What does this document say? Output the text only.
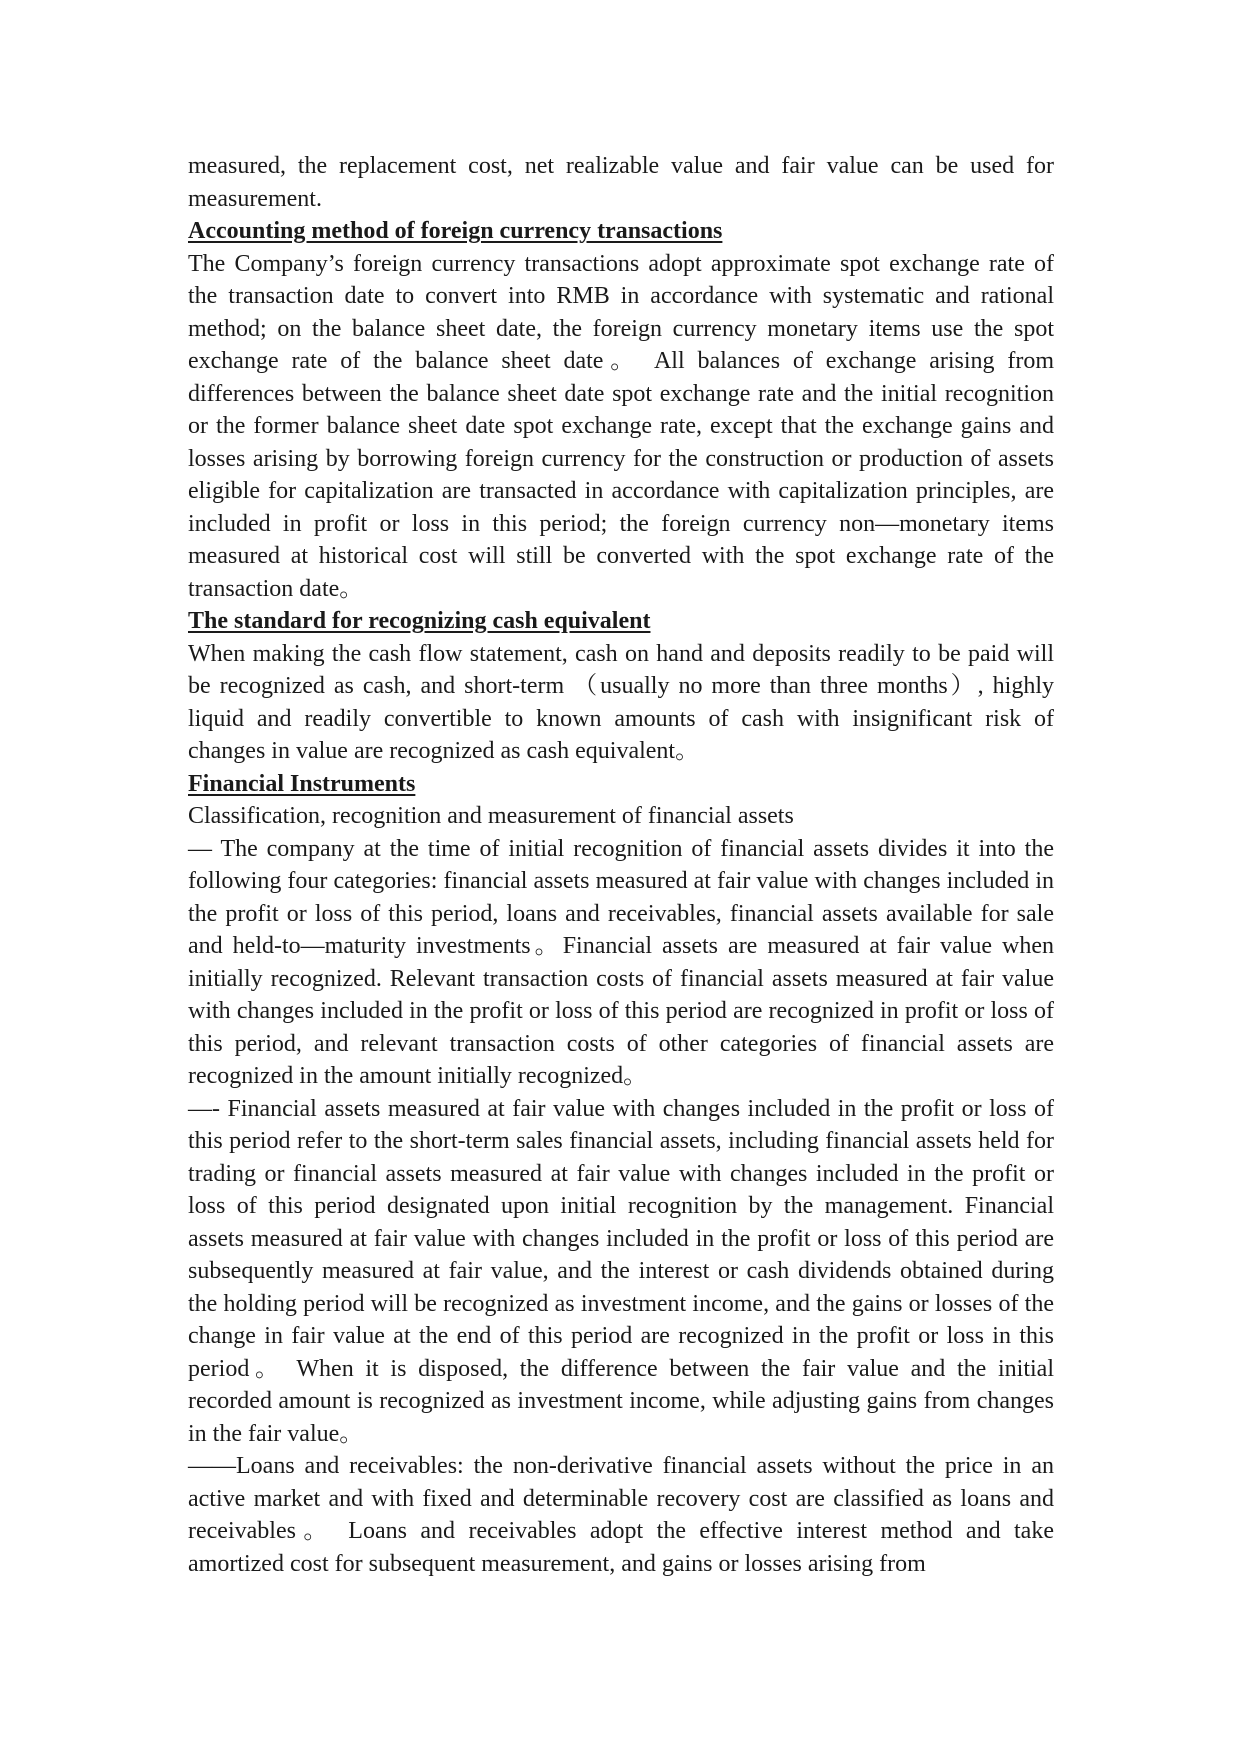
measured, the replacement cost, net realizable value and fair value can be used for measurement.

Accounting method of foreign currency transactions

The Company’s foreign currency transactions adopt approximate spot exchange rate of the transaction date to convert into RMB in accordance with systematic and rational method; on the balance sheet date, the foreign currency monetary items use the spot exchange rate of the balance sheet date。 All balances of exchange arising from differences between the balance sheet date spot exchange rate and the initial recognition or the former balance sheet date spot exchange rate, except that the exchange gains and losses arising by borrowing foreign currency for the construction or production of assets eligible for capitalization are transacted in accordance with capitalization principles, are included in profit or loss in this period; the foreign currency non—monetary items measured at historical cost will still be converted with the spot exchange rate of the transaction date。

The standard for recognizing cash equivalent

When making the cash flow statement, cash on hand and deposits readily to be paid will be recognized as cash, and short-term （usually no more than three months）, highly liquid and readily convertible to known amounts of cash with insignificant risk of changes in value are recognized as cash equivalent。

Financial Instruments

Classification, recognition and measurement of financial assets

— The company at the time of initial recognition of financial assets divides it into the following four categories: financial assets measured at fair value with changes included in the profit or loss of this period, loans and receivables, financial assets available for sale and held-to—maturity investments。Financial assets are measured at fair value when initially recognized. Relevant transaction costs of financial assets measured at fair value with changes included in the profit or loss of this period are recognized in profit or loss of this period, and relevant transaction costs of other categories of financial assets are recognized in the amount initially recognized。

—- Financial assets measured at fair value with changes included in the profit or loss of this period refer to the short-term sales financial assets, including financial assets held for trading or financial assets measured at fair value with changes included in the profit or loss of this period designated upon initial recognition by the management. Financial assets measured at fair value with changes included in the profit or loss of this period are subsequently measured at fair value, and the interest or cash dividends obtained during the holding period will be recognized as investment income, and the gains or losses of the change in fair value at the end of this period are recognized in the profit or loss in this period。 When it is disposed, the difference between the fair value and the initial recorded amount is recognized as investment income, while adjusting gains from changes in the fair value。

——Loans and receivables: the non-derivative financial assets without the price in an active market and with fixed and determinable recovery cost are classified as loans and receivables。 Loans and receivables adopt the effective interest method and take amortized cost for subsequent measurement, and gains or losses arising from
